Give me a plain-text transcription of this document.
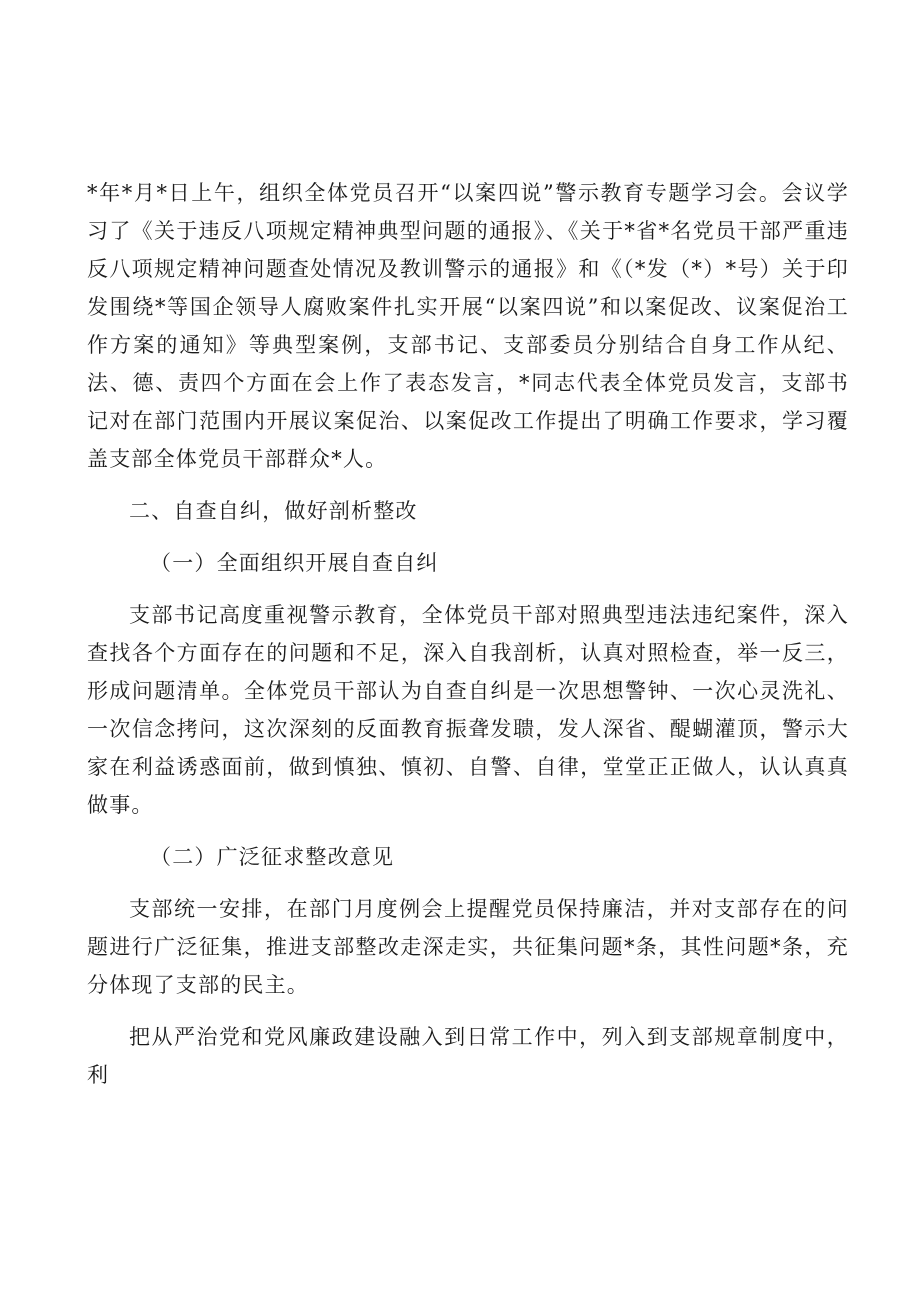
*年*月*日上午，组织全体党员召开“以案四说”警示教育专题学习会。会议学习了《关于违反八项规定精神典型问题的通报》、《关于*省*名党员干部严重违反八项规定精神问题查处情况及教训警示的通报》和《（*发（*）*号）关于印发围绕*等国企领导人腐败案件扎实开展“以案四说”和以案促改、议案促治工作方案的通知》等典型案例，支部书记、支部委员分别结合自身工作从纪、法、德、责四个方面在会上作了表态发言，*同志代表全体党员发言，支部书记对在部门范围内开展议案促治、以案促改工作提出了明确工作要求，学习覆盖支部全体党员干部群众*人。

二、自查自纠，做好剖析整改

（一）全面组织开展自查自纠

支部书记高度重视警示教育，全体党员干部对照典型违法违纪案件，深入查找各个方面存在的问题和不足，深入自我剖析，认真对照检查，举一反三，形成问题清单。全体党员干部认为自查自纠是一次思想警钟、一次心灵洗礼、一次信念拷问，这次深刻的反面教育振聋发聩，发人深省、醍蝴灌顶，警示大家在利益诱惑面前，做到慎独、慎初、自警、自律，堂堂正正做人，认认真真做事。

（二）广泛征求整改意见

支部统一安排，在部门月度例会上提醒党员保持廉洁，并对支部存在的问题进行广泛征集，推进支部整改走深走实，共征集问题*条，其性问题*条，充分体现了支部的民主。

把从严治党和党风廉政建设融入到日常工作中，列入到支部规章制度中，利
